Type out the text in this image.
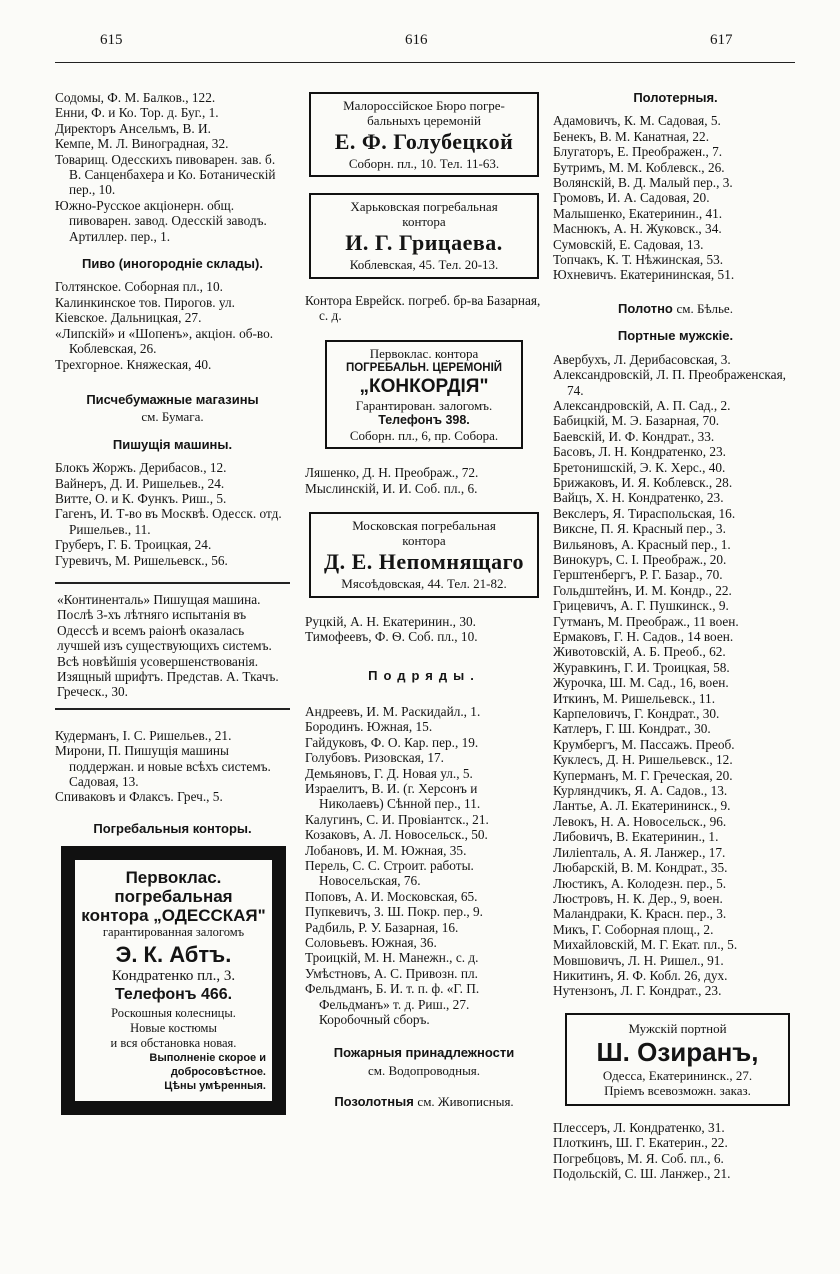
615	616	617

Содомы, Ф. М. Балков., 122.

Енни, Ф. и Ко. Тор. д. Буг., 1.

Директоръ Ансельмъ, В. И.

Кемпе, М. Л. Виноградная, 32.

Товарищ. Одесскихъ пивоварен. зав. б. В. Санценбахера и Ко. Ботаническій пер., 10.

Южно-Русское акціонерн. общ. пивоварен. завод. Одесскій заводъ. Артиллер. пер., 1.

Пиво (иногородніе склады).

Голтянское. Соборная пл., 10.

Калинкинское тов. Пирогов. ул.

Кіевское. Дальницкая, 27.

«Липскій» и «Шопенъ», акціон. об-во. Коблевская, 26.

Трехгорное. Княжеская, 40.

Писчебумажные магазины
см. Бумага.
Пишущія машины.

Блокъ Жоржъ. Дерибасов., 12.

Вайнеръ, Д. И. Ришельев., 24.

Витте, О. и К. Функъ. Риш., 5.

Гагенъ, И. Т-во въ Москвѣ. Одесск. отд. Ришельев., 11.

Груберъ, Г. Б. Троицкая, 24.

Гуревичъ, М. Ришельевск., 56.

«Континенталь» Пишущая машина. Послѣ 3-хъ лѣтняго испытанія въ Одессѣ и всемъ раіонѣ оказалась лучшей изъ существующихъ системъ. Всѣ новѣйшія усовершенствованія. Изящный шрифтъ. Представ. А. Ткачъ. Греческ., 30.

Кудерманъ, І. С. Ришельев., 21.

Мирони, П. Пишущія машины поддержан. и новые всѣхъ системъ. Садовая, 13.

Спиваковъ и Флаксъ. Греч., 5.

Погребальныя конторы.
Первоклас. погребальная
контора „ОДЕССКАЯ"
гарантированная залогомъ
Э. К. Абтъ.
Кондратенко пл., 3.
Телефонъ 466.
Роскошныя колесницы.
Новые костюмы
и вся обстановка новая.
Выполненіе скорое и
добросовѣстное.
Цѣны умѣренныя.
Малороссійское Бюро погре-
бальныхъ церемоній
Е. Ф. Голубецкой
Соборн. пл., 10. Тел. 11-63.
Харьковская погребальная
контора
И. Г. Грицаева.
Коблевская, 45. Тел. 20-13.

Контора Еврейск. погреб. бр-ва Базарная, с. д.

Первоклас. контора
ПОГРЕБАЛЬН. ЦЕРЕМОНІЙ
„КОНКОРДІЯ"
Гарантирован. залогомъ.
Телефонъ 398.
Соборн. пл., 6, пр. Собора.

Ляшенко, Д. Н. Преображ., 72.

Мыслинскій, И. И. Соб. пл., 6.

Московская погребальная
контора
Д. Е. Непомнящаго
Мясоѣдовская, 44. Тел. 21-82.

Руцкій, А. Н. Екатеринин., 30.

Тимофеевъ, Ф. Ѳ. Соб. пл., 10.

Подряды.

Андреевъ, И. М. Раскидайл., 1.

Бородинъ. Южная, 15.

Гайдуковъ, Ф. О. Кар. пер., 19.

Голубовъ. Ризовская, 17.

Демьяновъ, Г. Д. Новая ул., 5.

Израелитъ, В. И. (г. Херсонъ и Николаевъ) Сѣнной пер., 11.

Калугинъ, С. И. Провіантск., 21.

Козаковъ, А. Л. Новосельск., 50.

Лобановъ, И. М. Южная, 35.

Перель, С. С. Строит. работы. Новосельская, 76.

Поповъ, А. И. Московская, 65.

Пупкевичъ, З. Ш. Покр. пер., 9.

Радбиль, Р. У. Базарная, 16.

Соловьевъ. Южная, 36.

Троицкій, М. Н. Манежн., с. д.

Умѣстновъ, А. С. Привозн. пл.

Фельдманъ, Б. И. т. п. ф. «Г. П. Фельдманъ» т. д. Риш., 27. Коробочный сборъ.

Пожарныя принадлежности
см. Водопроводныя.
Позолотныя см. Живописныя.
Полотерныя.

Адамовичъ, К. М. Садовая, 5.

Бенекъ, В. М. Канатная, 22.

Блугаторъ, Е. Преображен., 7.

Бутримъ, М. М. Коблевск., 26.

Волянскій, В. Д. Малый пер., 3.

Громовъ, И. А. Садовая, 20.

Малышенко, Екатеринин., 41.

Маснюкъ, А. Н. Жуковск., 34.

Сумовскій, Е. Садовая, 13.

Топчакъ, К. Т. Нѣжинская, 53.

Юхневичъ. Екатерининская, 51.

Полотно см. Бѣлье.
Портные мужскіе.

Авербухъ, Л. Дерибасовская, 3.

Александровскій, Л. П. Преображенская, 74.

Александровскій, А. П. Сад., 2.

Бабицкій, М. Э. Базарная, 70.

Баевскій, И. Ф. Кондрат., 33.

Басовъ, Л. Н. Кондратенко, 23.

Бретонишскій, Э. К. Херс., 40.

Брижаковъ, И. Я. Коблевск., 28.

Вайцъ, Х. Н. Кондратенко, 23.

Векслеръ, Я. Тираспольская, 16.

Виксне, П. Я. Красный пер., 3.

Вильяновъ, А. Красный пер., 1.

Винокуръ, С. І. Преображ., 20.

Герштенбергъ, Р. Г. Базар., 70.

Гольдштейнъ, И. М. Кондр., 22.

Грицевичъ, А. Г. Пушкинск., 9.

Гутманъ, М. Преображ., 11 воен.

Ермаковъ, Г. Н. Садов., 14 воен.

Животовскій, А. Б. Преоб., 62.

Журавкинъ, Г. И. Троицкая, 58.

Журочка, Ш. М. Сад., 16, воен.

Иткинъ, М. Ришельевск., 11.

Карпеловичъ, Г. Кондрат., 30.

Катлеръ, Г. Ш. Кондрат., 30.

Крумбергъ, М. Пассажъ. Преоб.

Куклесъ, Д. Н. Ришельевск., 12.

Куперманъ, М. Г. Греческая, 20.

Курляндчикъ, Я. А. Садов., 13.

Лантье, А. Л. Екатерининск., 9.

Левокъ, Н. А. Новосельск., 96.

Либовичъ, В. Екатеринин., 1.

Лилienталь, А. Я. Ланжер., 17.

Любарскій, В. М. Кондрат., 35.

Люстикъ, А. Колодезн. пер., 5.

Люстровъ, Н. К. Дер., 9, воен.

Маландраки, К. Красн. пер., 3.

Микъ, Г. Соборная площ., 2.

Михайловскій, М. Г. Екат. пл., 5.

Мовшовичъ, Л. Н. Ришел., 91.

Никитинъ, Я. Ф. Кобл. 26, дух.

Нутензонъ, Л. Г. Кондрат., 23.

Мужскій портной
Ш. Озиранъ,
Одесса, Екатерининск., 27.
Пріемъ всевозможн. заказ.

Плессеръ, Л. Кондратенко, 31.

Плоткинъ, Ш. Г. Екатерин., 22.

Погребцовъ, М. Я. Соб. пл., 6.

Подольскій, С. Ш. Ланжер., 21.
